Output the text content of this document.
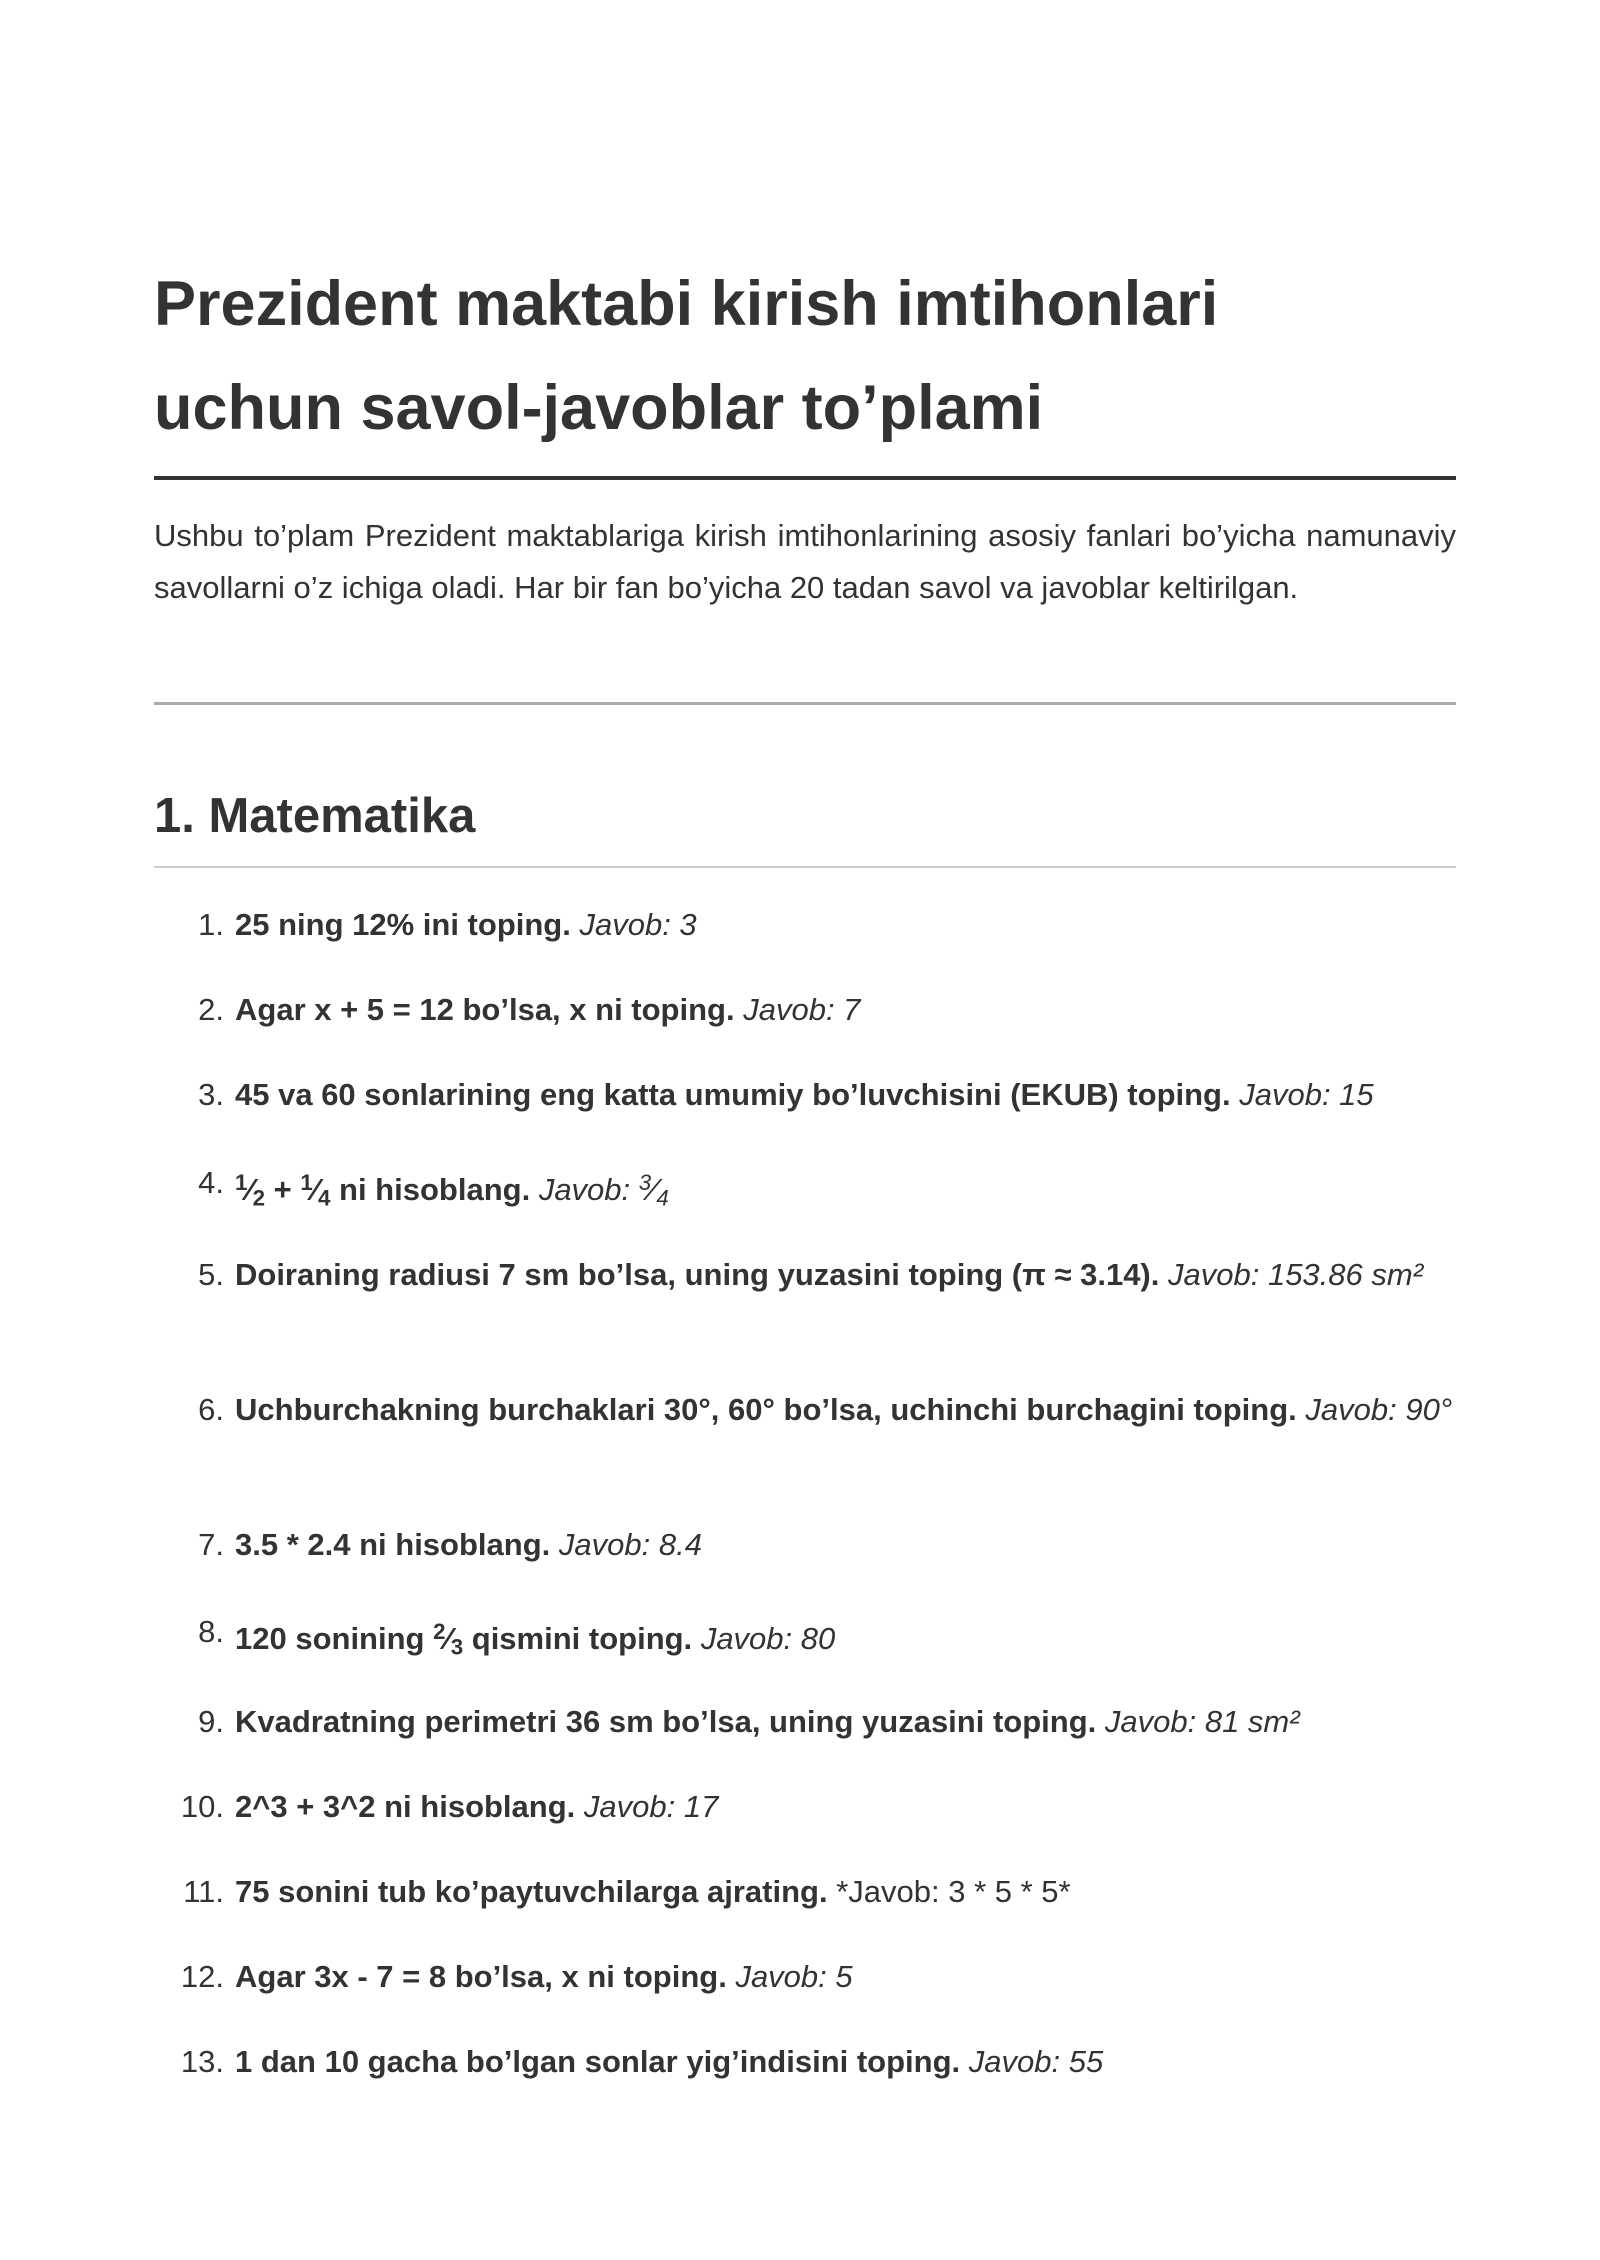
Prezident maktabi kirish imtihonlari
uchun savol-javoblar to’plami

Ushbu to’plam Prezident maktablariga kirish imtihonlarining asosiy fanlari bo’yicha namunaviy savollarni o’z ichiga oladi. Har bir fan bo’yicha 20 tadan savol va javoblar keltirilgan.

1. Matematika
1. 25 ning 12% ini toping. Javob: 3
2. Agar x + 5 = 12 bo’lsa, x ni toping. Javob: 7
3. 45 va 60 sonlarining eng katta umumiy bo’luvchisini (EKUB) toping. Javob: 15
4. $^1⁄_2$ + $^1⁄_4$ ni hisoblang. Javob: $^3⁄_4$
5. Doiraning radiusi 7 sm bo’lsa, uning yuzasini toping (π ≈ 3.14). Javob: 153.86 sm²
6. Uchburchakning burchaklari 30°, 60° bo’lsa, uchinchi burchagini toping. Javob: 90°
7. 3.5 * 2.4 ni hisoblang. Javob: 8.4
8. 120 sonining $^2⁄_3$ qismini toping. Javob: 80
9. Kvadratning perimetri 36 sm bo’lsa, uning yuzasini toping. Javob: 81 sm²
10. 2^3 + 3^2 ni hisoblang. Javob: 17
11. 75 sonini tub ko’paytuvchilarga ajrating. *Javob: 3 * 5 * 5*
12. Agar 3x - 7 = 8 bo’lsa, x ni toping. Javob: 5
13. 1 dan 10 gacha bo’lgan sonlar yig’indisini toping. Javob: 55
